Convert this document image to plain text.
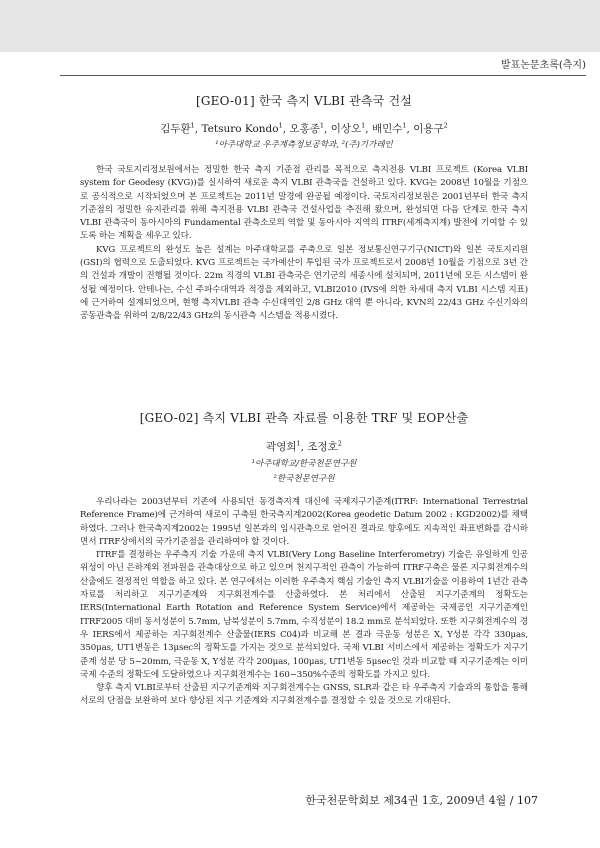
발표논문초록(측지)
[GEO-01] 한국 측지 VLBI 관측국 건설
김두환$^1$, Tetsuro Kondo$^1$, 오홍종$^1$, 이상오$^1$, 배민수$^1$, 이용구$^2$
¹아주대학교 우주계측정보공학과, ²(주)기가레인

한국 국토지리정보원에서는 정밀한 한국 측지 기준점 관리를 목적으로 측지전용 VLBI 프로젝트 (Korea VLBI system for Geodesy (KVG))를 실시하여 새로운 측지 VLBI 관측국을 건설하고 있다. KVG는 2008년 10월을 기점으로 공식적으로 시작되었으며 본 프로젝트는 2011년 말경에 완공될 예정이다. 국토지리정보원은 2001년부터 한국 측지 기준점의 정밀한 유지관리를 위해 측지전용 VLBI 관측국 건설사업을 추진해 왔으며, 완성되면 다음 단계로 한국 측지 VLBI 관측국이 동아시아의 Fundamental 관측소로의 역할 및 동아시아 지역의 ITRF(세계측지계) 발전에 기여할 수 있도록 하는 계획을 세우고 있다.

KVG 프로젝트의 완성도 높은 설계는 아주대학교를 주축으로 일본 정보통신연구기구(NICT)와 일본 국토지리원(GSI)의 협력으로 도출되었다. KVG 프로젝트는 국가예산이 투입된 국가 프로젝트로서 2008년 10월을 기점으로 3년 간의 건설과 개발이 진행될 것이다. 22m 직경의 VLBI 관측국은 연기군의 세종시에 설치되며, 2011년에 모든 시스템이 완성될 예정이다. 안테나는, 수신 주파수대역과 적경을 제외하고, VLBI2010 (IVS에 의한 차세대 측지 VLBI 시스템 지표) 에 근거하여 설계되었으며, 현행 측지VLBI 관측 수신대역인 2/8 GHz 대역 뿐 아니라, KVN의 22/43 GHz 수신기와의 공동관측을 위하여 2/8/22/43 GHz의 동시관측 시스템을 적용시켰다.

[GEO-02] 측지 VLBI 관측 자료를 이용한 TRF 및 EOP산출
곽영희$^1$, 조정호$^2$
¹아주대학교/한국천문연구원
²한국천문연구원

우리나라는 2003년부터 기존에 사용되던 동경측지계 대신에 국제지구기준계(ITRF: International Terrestrial Reference Frame)에 근거하여 새로이 구축된 한국측지계2002(Korea geodetic Datum 2002 : KGD2002)를 채택하였다. 그러나 한국측지계2002는 1995년 일본과의 임시관측으로 얻어진 결과로 향후에도 지속적인 좌표변화를 감시하면서 ITRF상에서의 국가기준점을 관리하여야 할 것이다.

ITRF를 결정하는 우주측지 기술 가운데 측지 VLBI(Very Long Baseline Interferometry) 기술은 유일하게 인공위성이 아닌 은하계외 전파원을 관측대상으로 하고 있으며 천지구적인 관측이 가능하여 ITRF구축은 물론 지구회전계수의 산출에도 결정적인 역할을 하고 있다. 본 연구에서는 이러한 우주측지 핵심 기술인 측지 VLBI기술을 이용하여 1년간 관측 자료를 처리하고 지구기준계와 지구회전계수를 산출하였다. 본 처리에서 산출된 지구기준계의 정확도는 IERS(International Earth Rotation and Reference System Service)에서 제공하는 국제공인 지구기준계인 ITRF2005 대비 동서성분이 5.7mm, 남북성분이 5.7mm, 수직성분이 18.2 mm로 분석되었다. 또한 지구회전계수의 경우 IERS에서 제공하는 지구회전계수 산출물(IERS C04)과 비교해 본 결과 극운동 성분은 X, Y성분 각각 330μas, 350μas, UT1변동은 13μsec의 정확도를 가지는 것으로 분석되었다. 국제 VLBI 서비스에서 제공하는 정확도가 지구기준계 성분 당 5~20mm, 극운동 X, Y성분 각각 200μas, 100μas, UT1변동 5μsec인 것과 비교할 때 지구기준계는 이미 국제 수준의 정확도에 도달하였으나 지구회전계수는 160~350%수준의 정확도를 가지고 있다.

향후 측지 VLBI로부터 산출된 지구기준계와 지구회전계수는 GNSS, SLR과 같은 타 우주측지 기술과의 통합을 통해 서로의 단점을 보완하여 보다 향상된 지구 기준계와 지구회전계수를 결정할 수 있을 것으로 기대된다.

한국천문학회보 제34권 1호, 2009년 4월 / 107
